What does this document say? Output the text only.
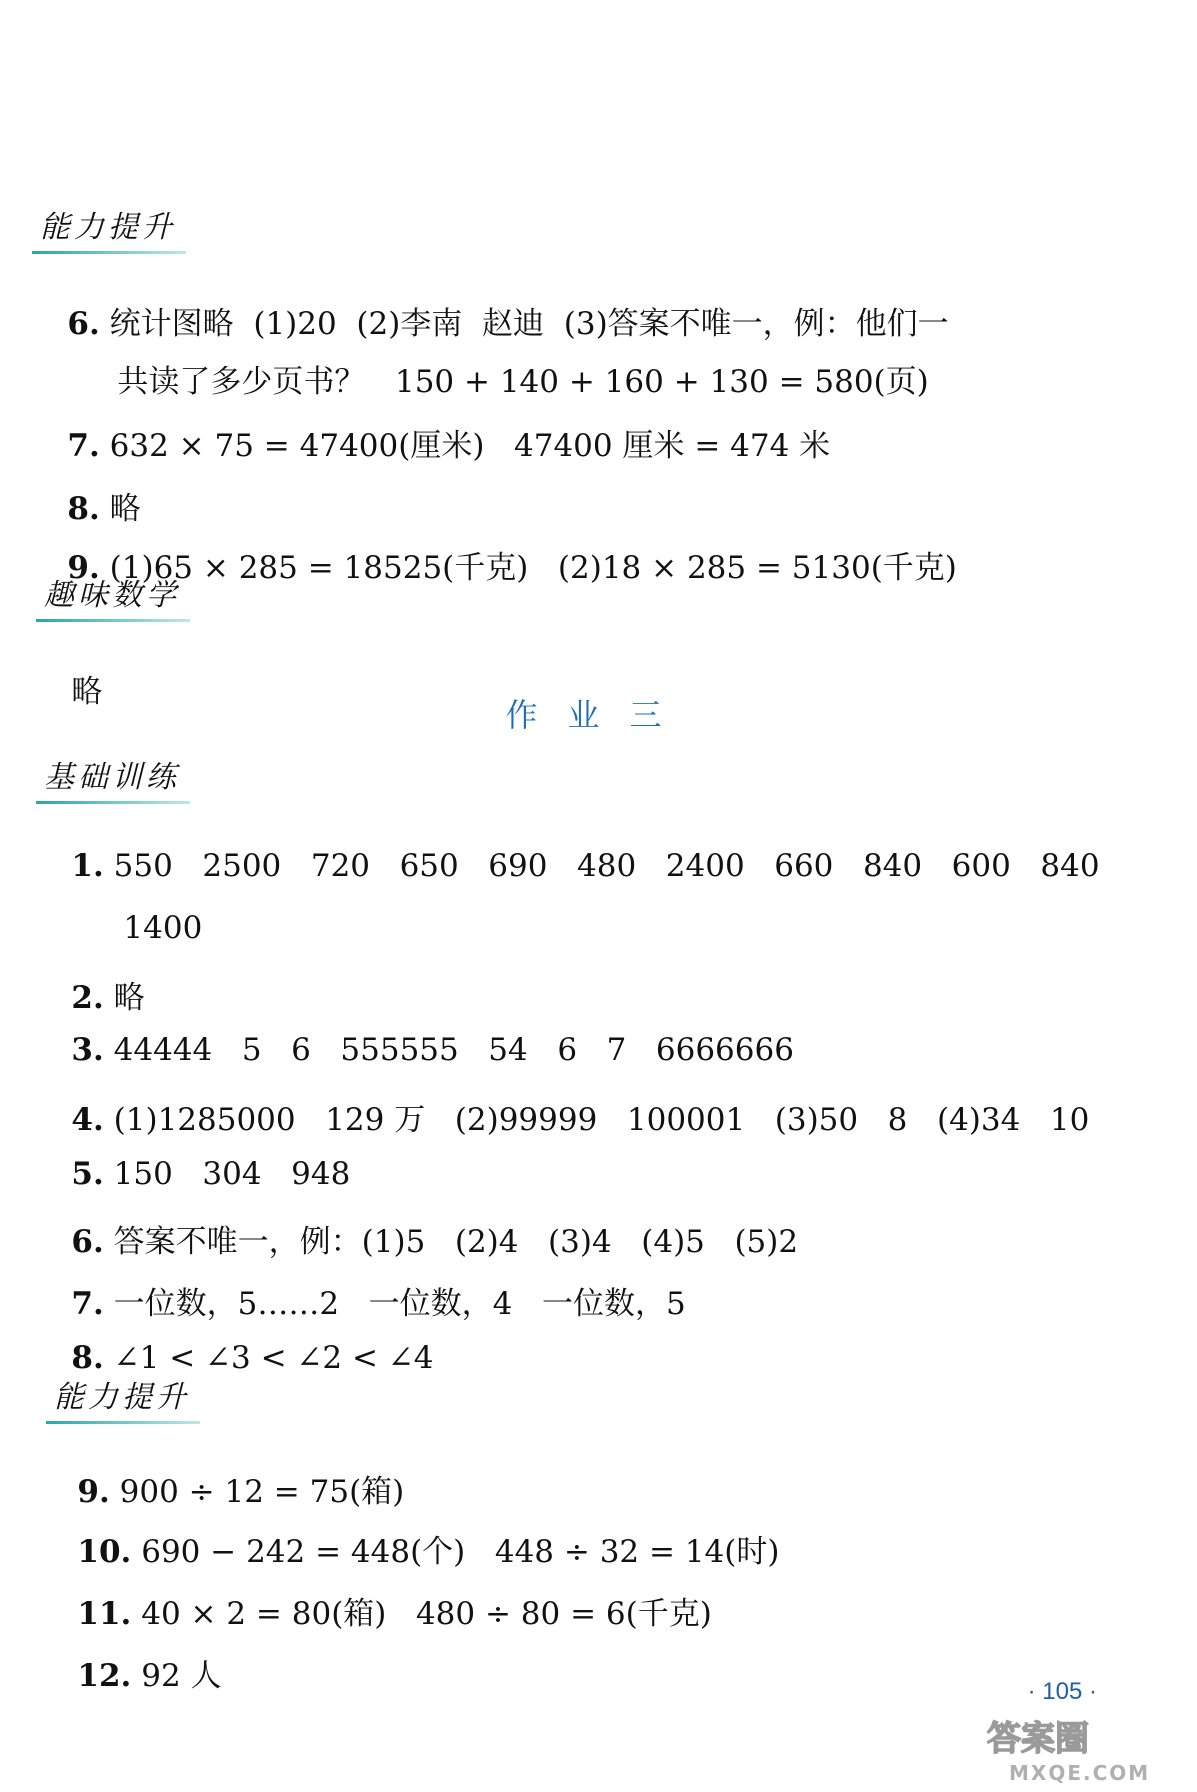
能力提升

6. 统计图略  (1)20  (2)李南  赵迪  (3)答案不唯一，例：他们一

共读了多少页书？   150 + 140 + 160 + 130 = 580(页)

7. 632 × 75 = 47400(厘米)   47400 厘米 = 474 米

8. 略

9. (1)65 × 285 = 18525(千克)   (2)18 × 285 = 5130(千克)

趣味数学

略

作业三
基础训练

1. 550   2500   720   650   690   480   2400   660   840   600   840

1400

2. 略

3. 44444   5   6   555555   54   6   7   6666666

4. (1)1285000   129 万   (2)99999   100001   (3)50   8   (4)34   10

5. 150   304   948

6. 答案不唯一，例：(1)5   (2)4   (3)4   (4)5   (5)2

7. 一位数，5……2   一位数，4   一位数，5

8. ∠1 < ∠3 < ∠2 < ∠4

能力提升

9. 900 ÷ 12 = 75(箱)

10. 690 − 242 = 448(个)   448 ÷ 32 = 14(时)

11. 40 × 2 = 80(箱)   480 ÷ 80 = 6(千克)

12. 92 人
	· 105 ·
答案圈
MXQE.COM
